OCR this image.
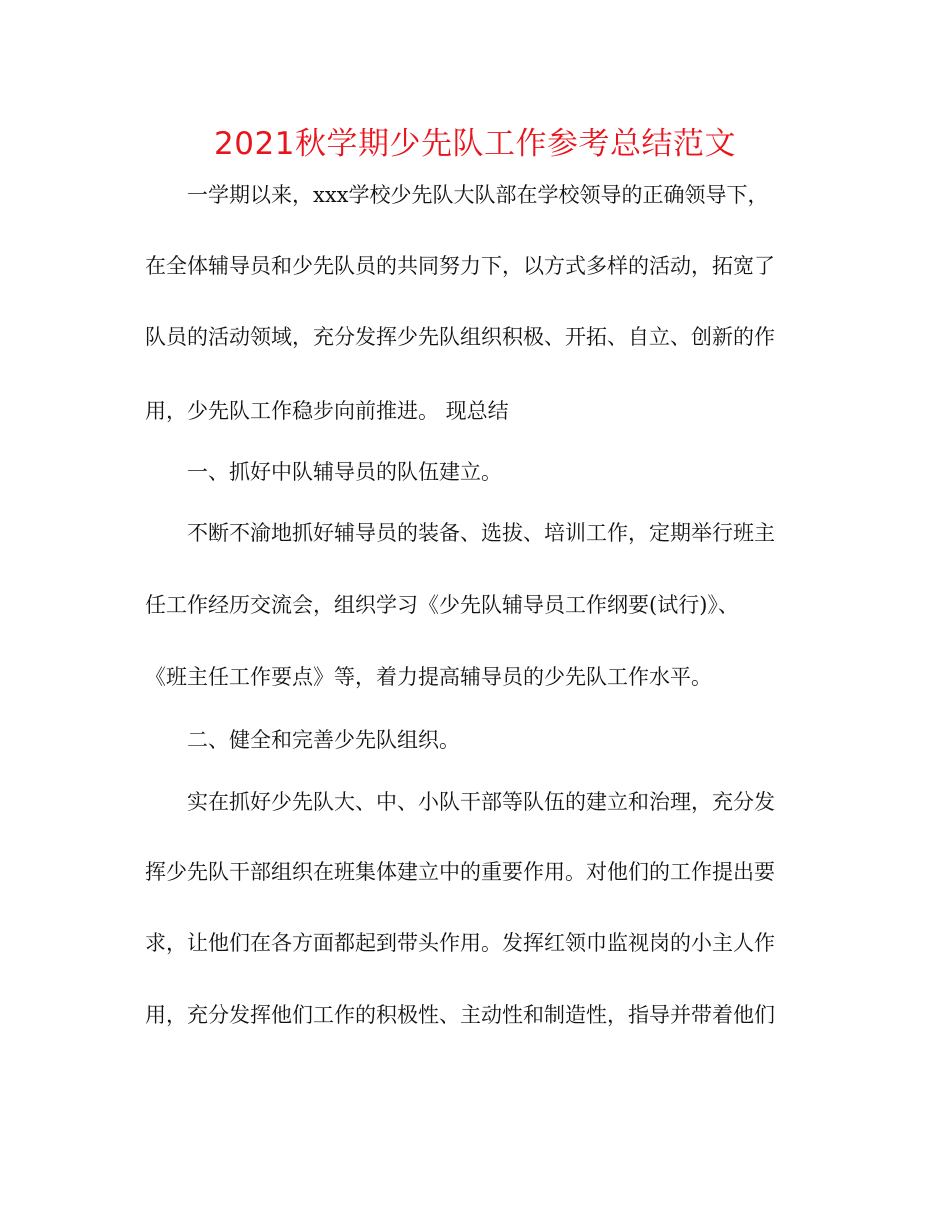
2021秋学期少先队工作参考总结范文
一学期以来，xxx学校少先队大队部在学校领导的正确领导下，
在全体辅导员和少先队员的共同努力下，以方式多样的活动，拓宽了
队员的活动领域，充分发挥少先队组织积极、开拓、自立、创新的作
用，少先队工作稳步向前推进。 现总结
一、抓好中队辅导员的队伍建立。
不断不渝地抓好辅导员的装备、选拔、培训工作，定期举行班主
任工作经历交流会，组织学习《少先队辅导员工作纲要(试行)》、
《班主任工作要点》等，着力提高辅导员的少先队工作水平。
二、健全和完善少先队组织。
实在抓好少先队大、中、小队干部等队伍的建立和治理，充分发
挥少先队干部组织在班集体建立中的重要作用。对他们的工作提出要
求，让他们在各方面都起到带头作用。发挥红领巾监视岗的小主人作
用，充分发挥他们工作的积极性、主动性和制造性，指导并带着他们
